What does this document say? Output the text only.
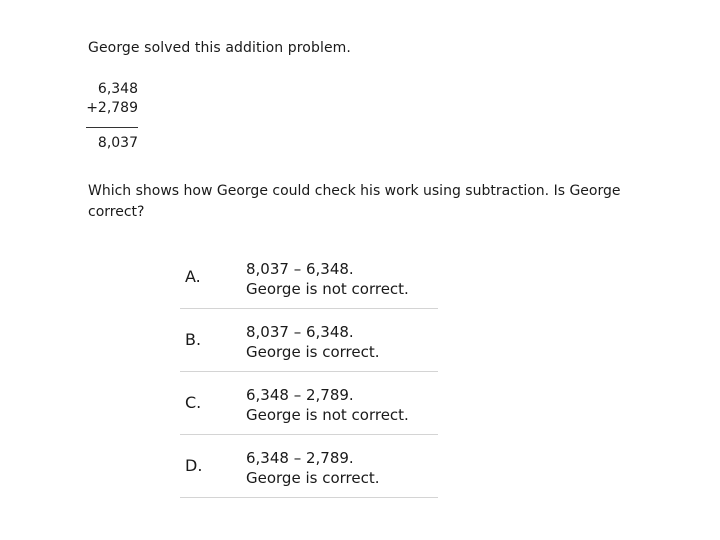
George solved this addition problem.
6,348
+2,789
8,037
Which shows how George could check his work using subtraction. Is George correct?
A.	8,037 – 6,348.
George is not correct.
B.	8,037 – 6,348.
George is correct.
C.	6,348 – 2,789.
George is not correct.
D.	6,348 – 2,789.
George is correct.
